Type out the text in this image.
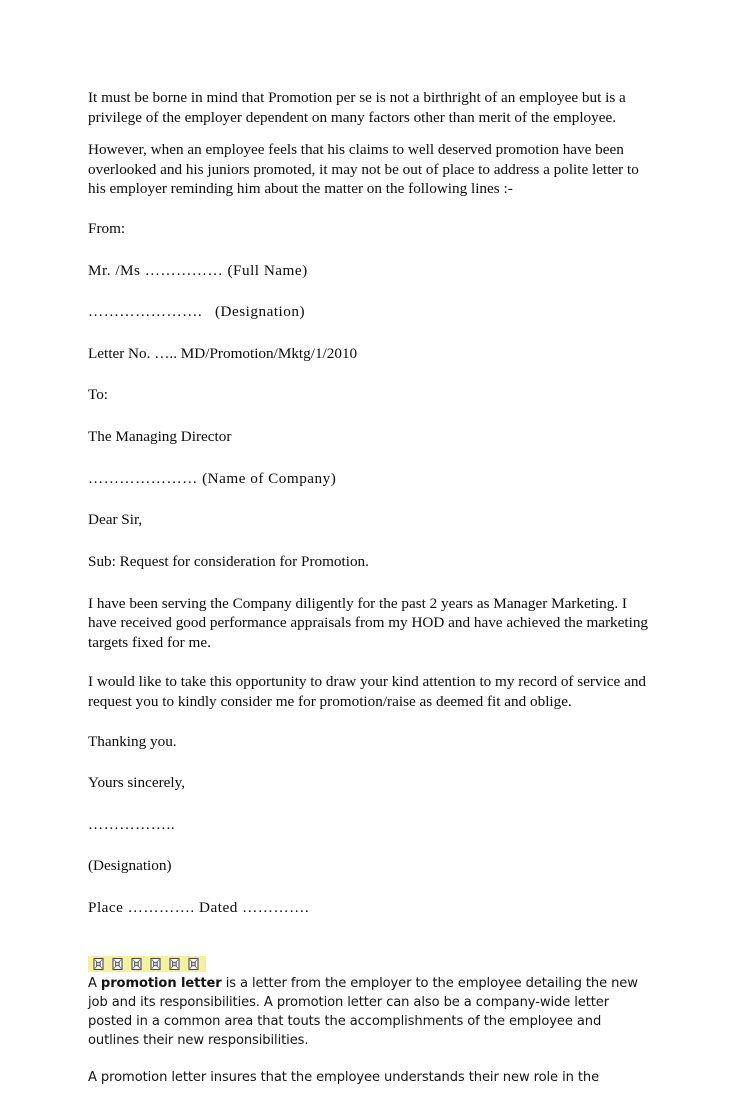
It must be borne in mind that Promotion per se is not a birthright of an employee but is a privilege of the employer dependent on many factors other than merit of the employee.

However, when an employee feels that his claims to well deserved promotion have been overlooked and his juniors promoted, it may not be out of place to address a polite letter to his employer reminding him about the matter on the following lines :-

From:
Mr. /Ms …………… (Full Name)
………………….   (Designation)
Letter No. ….. MD/Promotion/Mktg/1/2010
To:
The Managing Director
………………… (Name of Company)
Dear Sir,
Sub: Request for consideration for Promotion.

I have been serving the Company diligently for the past 2 years as Manager Marketing. I have received good performance appraisals from my HOD and have achieved the marketing targets fixed for me.

I would like to take this opportunity to draw your kind attention to my record of service and request you to kindly consider me for promotion/raise as deemed fit and oblige.

Thanking you.
Yours sincerely,
……………..
(Designation)
Place …………. Dated ………….

A promotion letter is a letter from the employer to the employee detailing the new job and its responsibilities. A promotion letter can also be a company-wide letter posted in a common area that touts the accomplishments of the employee and outlines their new responsibilities.

A promotion letter insures that the employee understands their new role in the
